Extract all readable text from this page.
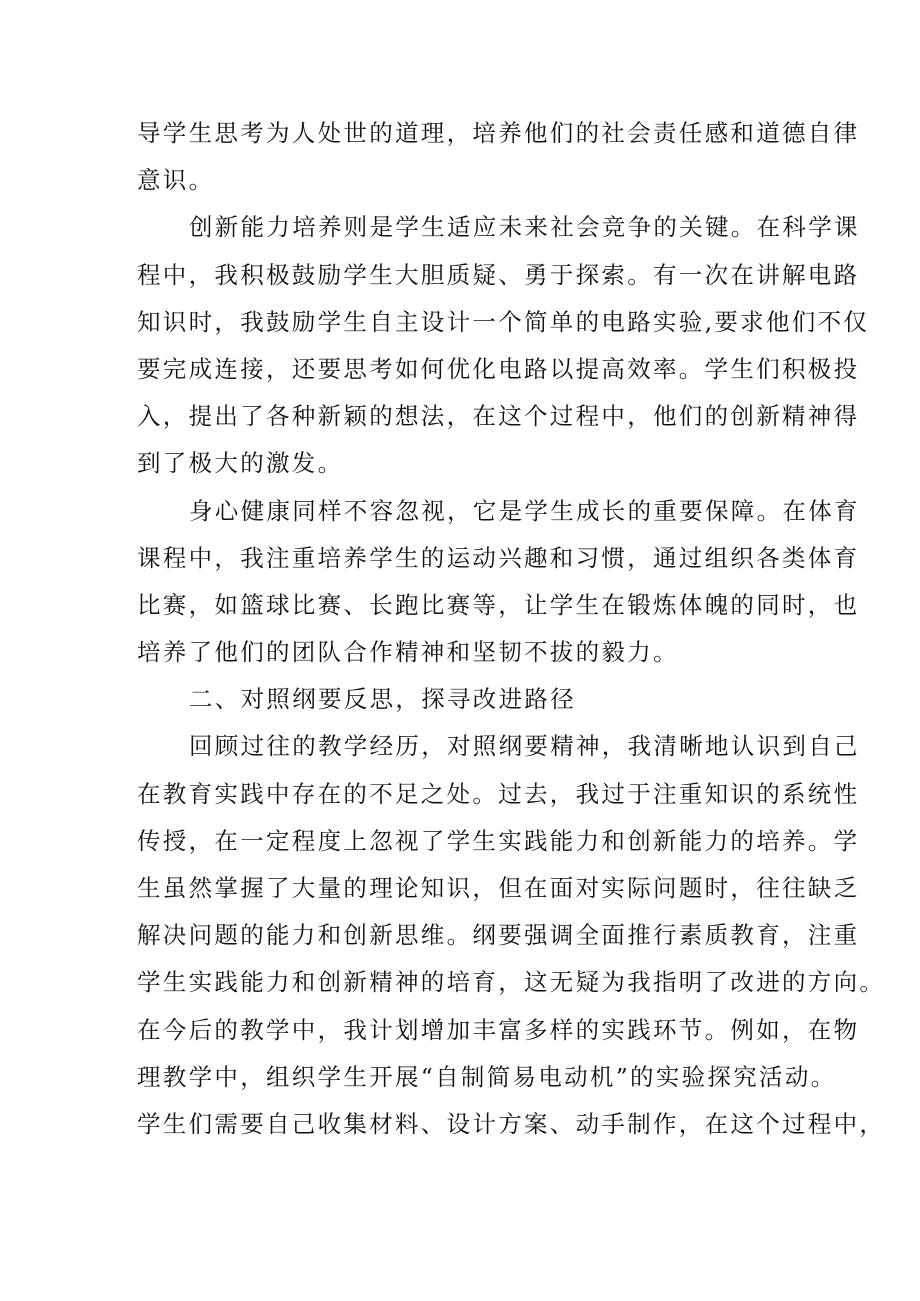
导学生思考为人处世的道理，培养他们的社会责任感和道德自律
意识。
创新能力培养则是学生适应未来社会竞争的关键。在科学课
程中，我积极鼓励学生大胆质疑、勇于探索。有一次在讲解电路
知识时，我鼓励学生自主设计一个简单的电路实验,要求他们不仅
要完成连接，还要思考如何优化电路以提高效率。学生们积极投
入，提出了各种新颖的想法，在这个过程中，他们的创新精神得
到了极大的激发。
身心健康同样不容忽视，它是学生成长的重要保障。在体育
课程中，我注重培养学生的运动兴趣和习惯，通过组织各类体育
比赛，如篮球比赛、长跑比赛等，让学生在锻炼体魄的同时，也
培养了他们的团队合作精神和坚韧不拔的毅力。
二、对照纲要反思，探寻改进路径
回顾过往的教学经历，对照纲要精神，我清晰地认识到自己
在教育实践中存在的不足之处。过去，我过于注重知识的系统性
传授，在一定程度上忽视了学生实践能力和创新能力的培养。学
生虽然掌握了大量的理论知识，但在面对实际问题时，往往缺乏
解决问题的能力和创新思维。纲要强调全面推行素质教育，注重
学生实践能力和创新精神的培育，这无疑为我指明了改进的方向。
在今后的教学中，我计划增加丰富多样的实践环节。例如，在物
理教学中，组织学生开展“自制简易电动机”的实验探究活动。
学生们需要自己收集材料、设计方案、动手制作，在这个过程中，
